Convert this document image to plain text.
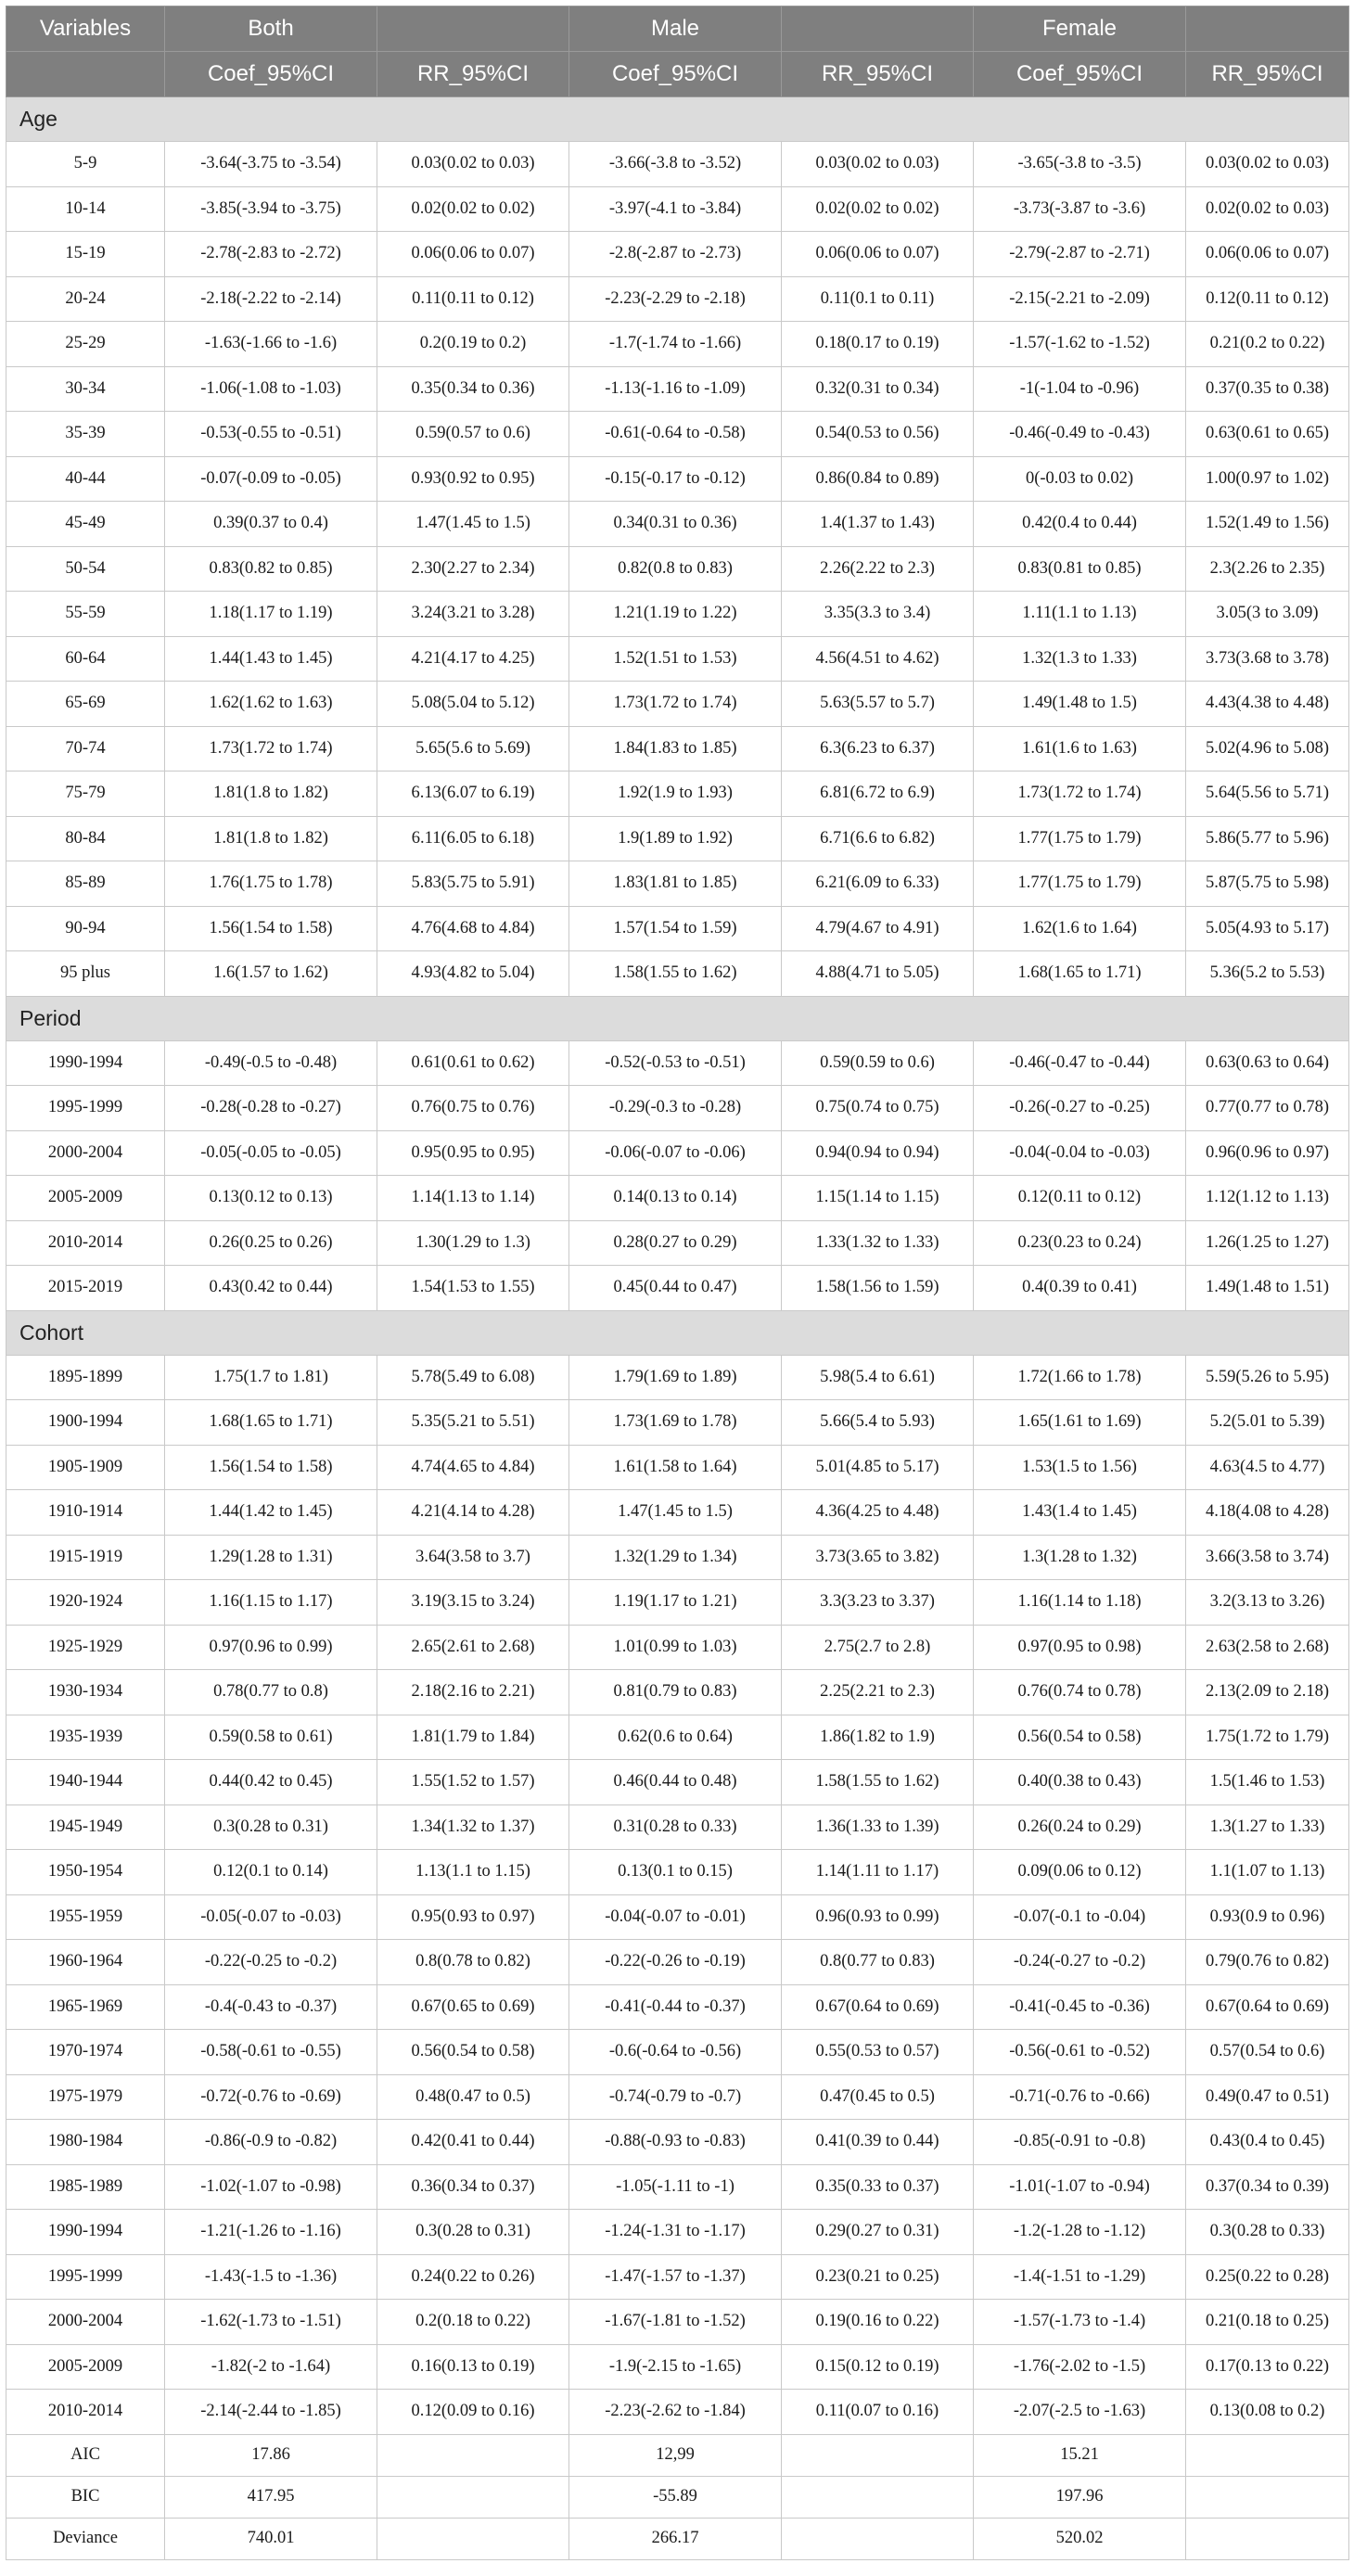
Variables	Both		Male		Female	
	Coef_95%CI	RR_95%CI	Coef_95%CI	RR_95%CI	Coef_95%CI	RR_95%CI
Age						
5-9	-3.64(-3.75 to -3.54)	0.03(0.02 to 0.03)	-3.66(-3.8 to -3.52)	0.03(0.02 to 0.03)	-3.65(-3.8 to -3.5)	0.03(0.02 to 0.03)
10-14	-3.85(-3.94 to -3.75)	0.02(0.02 to 0.02)	-3.97(-4.1 to -3.84)	0.02(0.02 to 0.02)	-3.73(-3.87 to -3.6)	0.02(0.02 to 0.03)
15-19	-2.78(-2.83 to -2.72)	0.06(0.06 to 0.07)	-2.8(-2.87 to -2.73)	0.06(0.06 to 0.07)	-2.79(-2.87 to -2.71)	0.06(0.06 to 0.07)
20-24	-2.18(-2.22 to -2.14)	0.11(0.11 to 0.12)	-2.23(-2.29 to -2.18)	0.11(0.1 to 0.11)	-2.15(-2.21 to -2.09)	0.12(0.11 to 0.12)
25-29	-1.63(-1.66 to -1.6)	0.2(0.19 to 0.2)	-1.7(-1.74 to -1.66)	0.18(0.17 to 0.19)	-1.57(-1.62 to -1.52)	0.21(0.2 to 0.22)
30-34	-1.06(-1.08 to -1.03)	0.35(0.34 to 0.36)	-1.13(-1.16 to -1.09)	0.32(0.31 to 0.34)	-1(-1.04 to -0.96)	0.37(0.35 to 0.38)
35-39	-0.53(-0.55 to -0.51)	0.59(0.57 to 0.6)	-0.61(-0.64 to -0.58)	0.54(0.53 to 0.56)	-0.46(-0.49 to -0.43)	0.63(0.61 to 0.65)
40-44	-0.07(-0.09 to -0.05)	0.93(0.92 to 0.95)	-0.15(-0.17 to -0.12)	0.86(0.84 to 0.89)	0(-0.03 to 0.02)	1.00(0.97 to 1.02)
45-49	0.39(0.37 to 0.4)	1.47(1.45 to 1.5)	0.34(0.31 to 0.36)	1.4(1.37 to 1.43)	0.42(0.4 to 0.44)	1.52(1.49 to 1.56)
50-54	0.83(0.82 to 0.85)	2.30(2.27 to 2.34)	0.82(0.8 to 0.83)	2.26(2.22 to 2.3)	0.83(0.81 to 0.85)	2.3(2.26 to 2.35)
55-59	1.18(1.17 to 1.19)	3.24(3.21 to 3.28)	1.21(1.19 to 1.22)	3.35(3.3 to 3.4)	1.11(1.1 to 1.13)	3.05(3 to 3.09)
60-64	1.44(1.43 to 1.45)	4.21(4.17 to 4.25)	1.52(1.51 to 1.53)	4.56(4.51 to 4.62)	1.32(1.3 to 1.33)	3.73(3.68 to 3.78)
65-69	1.62(1.62 to 1.63)	5.08(5.04 to 5.12)	1.73(1.72 to 1.74)	5.63(5.57 to 5.7)	1.49(1.48 to 1.5)	4.43(4.38 to 4.48)
70-74	1.73(1.72 to 1.74)	5.65(5.6 to 5.69)	1.84(1.83 to 1.85)	6.3(6.23 to 6.37)	1.61(1.6 to 1.63)	5.02(4.96 to 5.08)
75-79	1.81(1.8 to 1.82)	6.13(6.07 to 6.19)	1.92(1.9 to 1.93)	6.81(6.72 to 6.9)	1.73(1.72 to 1.74)	5.64(5.56 to 5.71)
80-84	1.81(1.8 to 1.82)	6.11(6.05 to 6.18)	1.9(1.89 to 1.92)	6.71(6.6 to 6.82)	1.77(1.75 to 1.79)	5.86(5.77 to 5.96)
85-89	1.76(1.75 to 1.78)	5.83(5.75 to 5.91)	1.83(1.81 to 1.85)	6.21(6.09 to 6.33)	1.77(1.75 to 1.79)	5.87(5.75 to 5.98)
90-94	1.56(1.54 to 1.58)	4.76(4.68 to 4.84)	1.57(1.54 to 1.59)	4.79(4.67 to 4.91)	1.62(1.6 to 1.64)	5.05(4.93 to 5.17)
95 plus	1.6(1.57 to 1.62)	4.93(4.82 to 5.04)	1.58(1.55 to 1.62)	4.88(4.71 to 5.05)	1.68(1.65 to 1.71)	5.36(5.2 to 5.53)
Period						
1990-1994	-0.49(-0.5 to -0.48)	0.61(0.61 to 0.62)	-0.52(-0.53 to -0.51)	0.59(0.59 to 0.6)	-0.46(-0.47 to -0.44)	0.63(0.63 to 0.64)
1995-1999	-0.28(-0.28 to -0.27)	0.76(0.75 to 0.76)	-0.29(-0.3 to -0.28)	0.75(0.74 to 0.75)	-0.26(-0.27 to -0.25)	0.77(0.77 to 0.78)
2000-2004	-0.05(-0.05 to -0.05)	0.95(0.95 to 0.95)	-0.06(-0.07 to -0.06)	0.94(0.94 to 0.94)	-0.04(-0.04 to -0.03)	0.96(0.96 to 0.97)
2005-2009	0.13(0.12 to 0.13)	1.14(1.13 to 1.14)	0.14(0.13 to 0.14)	1.15(1.14 to 1.15)	0.12(0.11 to 0.12)	1.12(1.12 to 1.13)
2010-2014	0.26(0.25 to 0.26)	1.30(1.29 to 1.3)	0.28(0.27 to 0.29)	1.33(1.32 to 1.33)	0.23(0.23 to 0.24)	1.26(1.25 to 1.27)
2015-2019	0.43(0.42 to 0.44)	1.54(1.53 to 1.55)	0.45(0.44 to 0.47)	1.58(1.56 to 1.59)	0.4(0.39 to 0.41)	1.49(1.48 to 1.51)
Cohort						
1895-1899	1.75(1.7 to 1.81)	5.78(5.49 to 6.08)	1.79(1.69 to 1.89)	5.98(5.4 to 6.61)	1.72(1.66 to 1.78)	5.59(5.26 to 5.95)
1900-1994	1.68(1.65 to 1.71)	5.35(5.21 to 5.51)	1.73(1.69 to 1.78)	5.66(5.4 to 5.93)	1.65(1.61 to 1.69)	5.2(5.01 to 5.39)
1905-1909	1.56(1.54 to 1.58)	4.74(4.65 to 4.84)	1.61(1.58 to 1.64)	5.01(4.85 to 5.17)	1.53(1.5 to 1.56)	4.63(4.5 to 4.77)
1910-1914	1.44(1.42 to 1.45)	4.21(4.14 to 4.28)	1.47(1.45 to 1.5)	4.36(4.25 to 4.48)	1.43(1.4 to 1.45)	4.18(4.08 to 4.28)
1915-1919	1.29(1.28 to 1.31)	3.64(3.58 to 3.7)	1.32(1.29 to 1.34)	3.73(3.65 to 3.82)	1.3(1.28 to 1.32)	3.66(3.58 to 3.74)
1920-1924	1.16(1.15 to 1.17)	3.19(3.15 to 3.24)	1.19(1.17 to 1.21)	3.3(3.23 to 3.37)	1.16(1.14 to 1.18)	3.2(3.13 to 3.26)
1925-1929	0.97(0.96 to 0.99)	2.65(2.61 to 2.68)	1.01(0.99 to 1.03)	2.75(2.7 to 2.8)	0.97(0.95 to 0.98)	2.63(2.58 to 2.68)
1930-1934	0.78(0.77 to 0.8)	2.18(2.16 to 2.21)	0.81(0.79 to 0.83)	2.25(2.21 to 2.3)	0.76(0.74 to 0.78)	2.13(2.09 to 2.18)
1935-1939	0.59(0.58 to 0.61)	1.81(1.79 to 1.84)	0.62(0.6 to 0.64)	1.86(1.82 to 1.9)	0.56(0.54 to 0.58)	1.75(1.72 to 1.79)
1940-1944	0.44(0.42 to 0.45)	1.55(1.52 to 1.57)	0.46(0.44 to 0.48)	1.58(1.55 to 1.62)	0.40(0.38 to 0.43)	1.5(1.46 to 1.53)
1945-1949	0.3(0.28 to 0.31)	1.34(1.32 to 1.37)	0.31(0.28 to 0.33)	1.36(1.33 to 1.39)	0.26(0.24 to 0.29)	1.3(1.27 to 1.33)
1950-1954	0.12(0.1 to 0.14)	1.13(1.1 to 1.15)	0.13(0.1 to 0.15)	1.14(1.11 to 1.17)	0.09(0.06 to 0.12)	1.1(1.07 to 1.13)
1955-1959	-0.05(-0.07 to -0.03)	0.95(0.93 to 0.97)	-0.04(-0.07 to -0.01)	0.96(0.93 to 0.99)	-0.07(-0.1 to -0.04)	0.93(0.9 to 0.96)
1960-1964	-0.22(-0.25 to -0.2)	0.8(0.78 to 0.82)	-0.22(-0.26 to -0.19)	0.8(0.77 to 0.83)	-0.24(-0.27 to -0.2)	0.79(0.76 to 0.82)
1965-1969	-0.4(-0.43 to -0.37)	0.67(0.65 to 0.69)	-0.41(-0.44 to -0.37)	0.67(0.64 to 0.69)	-0.41(-0.45 to -0.36)	0.67(0.64 to 0.69)
1970-1974	-0.58(-0.61 to -0.55)	0.56(0.54 to 0.58)	-0.6(-0.64 to -0.56)	0.55(0.53 to 0.57)	-0.56(-0.61 to -0.52)	0.57(0.54 to 0.6)
1975-1979	-0.72(-0.76 to -0.69)	0.48(0.47 to 0.5)	-0.74(-0.79 to -0.7)	0.47(0.45 to 0.5)	-0.71(-0.76 to -0.66)	0.49(0.47 to 0.51)
1980-1984	-0.86(-0.9 to -0.82)	0.42(0.41 to 0.44)	-0.88(-0.93 to -0.83)	0.41(0.39 to 0.44)	-0.85(-0.91 to -0.8)	0.43(0.4 to 0.45)
1985-1989	-1.02(-1.07 to -0.98)	0.36(0.34 to 0.37)	-1.05(-1.11 to -1)	0.35(0.33 to 0.37)	-1.01(-1.07 to -0.94)	0.37(0.34 to 0.39)
1990-1994	-1.21(-1.26 to -1.16)	0.3(0.28 to 0.31)	-1.24(-1.31 to -1.17)	0.29(0.27 to 0.31)	-1.2(-1.28 to -1.12)	0.3(0.28 to 0.33)
1995-1999	-1.43(-1.5 to -1.36)	0.24(0.22 to 0.26)	-1.47(-1.57 to -1.37)	0.23(0.21 to 0.25)	-1.4(-1.51 to -1.29)	0.25(0.22 to 0.28)
2000-2004	-1.62(-1.73 to -1.51)	0.2(0.18 to 0.22)	-1.67(-1.81 to -1.52)	0.19(0.16 to 0.22)	-1.57(-1.73 to -1.4)	0.21(0.18 to 0.25)
2005-2009	-1.82(-2 to -1.64)	0.16(0.13 to 0.19)	-1.9(-2.15 to -1.65)	0.15(0.12 to 0.19)	-1.76(-2.02 to -1.5)	0.17(0.13 to 0.22)
2010-2014	-2.14(-2.44 to -1.85)	0.12(0.09 to 0.16)	-2.23(-2.62 to -1.84)	0.11(0.07 to 0.16)	-2.07(-2.5 to -1.63)	0.13(0.08 to 0.2)
AIC	17.86		12,99		15.21	
BIC	417.95		-55.89		197.96	
Deviance	740.01		266.17		520.02	
